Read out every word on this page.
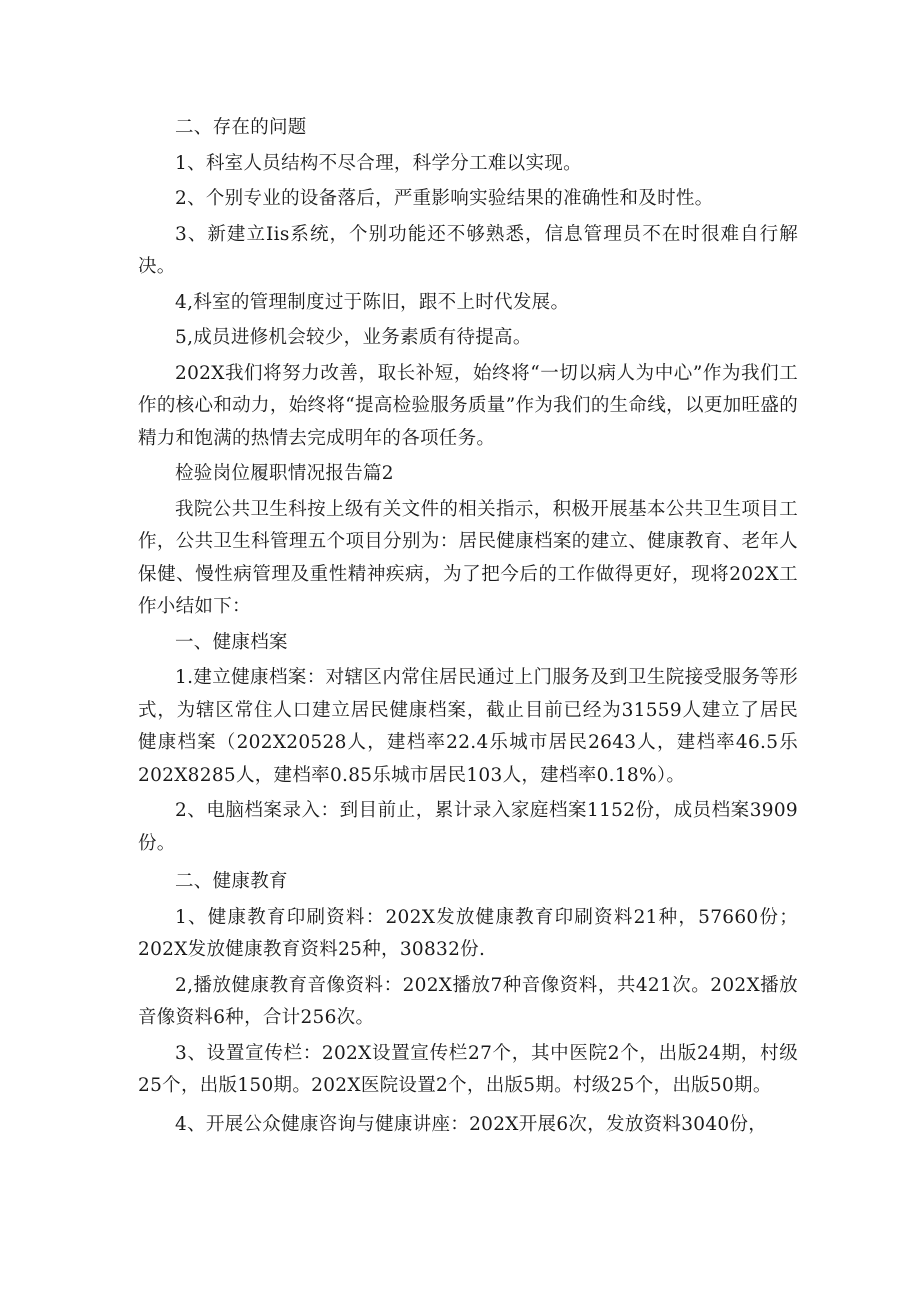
二、存在的问题

1、科室人员结构不尽合理，科学分工难以实现。

2、个别专业的设备落后，严重影响实验结果的准确性和及时性。

3、新建立Iis系统，个别功能还不够熟悉，信息管理员不在时很难自行解决。

4,科室的管理制度过于陈旧，跟不上时代发展。

5,成员进修机会较少，业务素质有待提高。

202X我们将努力改善，取长补短，始终将“一切以病人为中心”作为我们工作的核心和动力，始终将“提高检验服务质量”作为我们的生命线，以更加旺盛的精力和饱满的热情去完成明年的各项任务。

检验岗位履职情况报告篇2

我院公共卫生科按上级有关文件的相关指示，积极开展基本公共卫生项目工作，公共卫生科管理五个项目分别为：居民健康档案的建立、健康教育、老年人保健、慢性病管理及重性精神疾病，为了把今后的工作做得更好，现将202X工作小结如下：

一、健康档案

1.建立健康档案：对辖区内常住居民通过上门服务及到卫生院接受服务等形式，为辖区常住人口建立居民健康档案，截止目前已经为31559人建立了居民健康档案（202X20528人，建档率22.4乐城市居民2643人，建档率46.5乐202X8285人，建档率0.85乐城市居民103人，建档率0.18%）。

2、电脑档案录入：到目前止，累计录入家庭档案1152份，成员档案3909份。

二、健康教育

1、健康教育印刷资料：202X发放健康教育印刷资料21种，57660份；202X发放健康教育资料25种，30832份.

2,播放健康教育音像资料：202X播放7种音像资料，共421次。202X播放音像资料6种，合计256次。

3、设置宣传栏：202X设置宣传栏27个，其中医院2个，出版24期，村级25个，出版150期。202X医院设置2个，出版5期。村级25个，出版50期。

4、开展公众健康咨询与健康讲座：202X开展6次，发放资料3040份，
